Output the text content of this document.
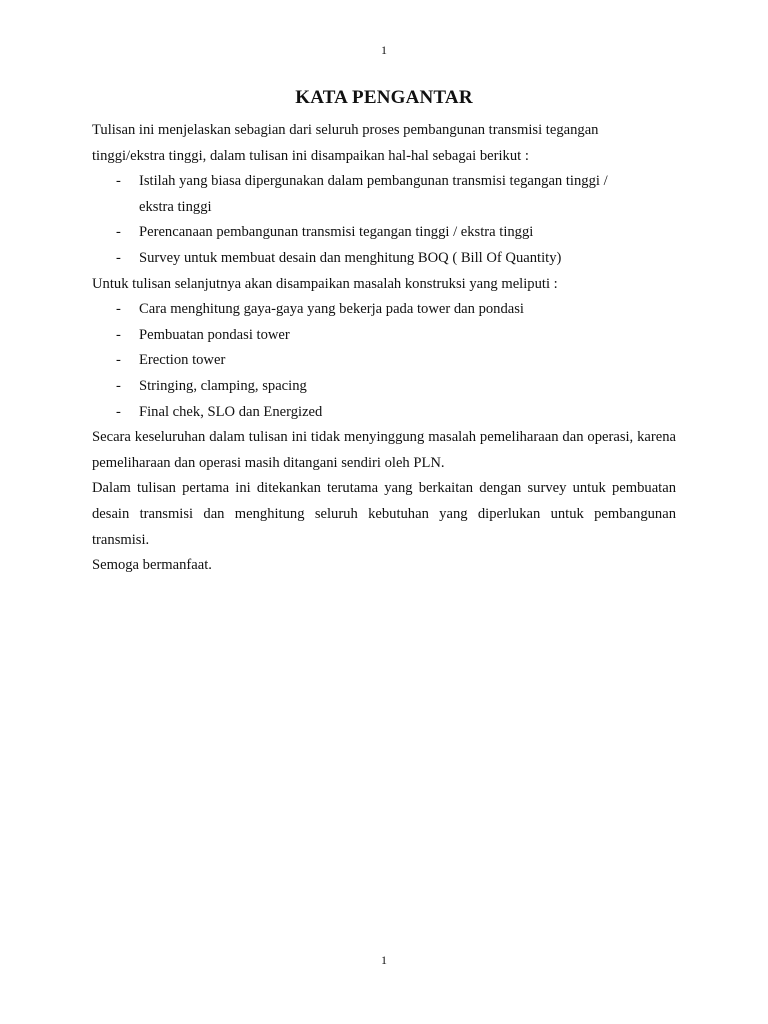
1
KATA PENGANTAR

Tulisan ini menjelaskan sebagian dari seluruh proses pembangunan transmisi tegangan tinggi/ekstra tinggi, dalam tulisan ini disampaikan hal-hal sebagai berikut :

- Istilah yang biasa dipergunakan dalam pembangunan transmisi tegangan tinggi / ekstra tinggi
- Perencanaan pembangunan transmisi tegangan tinggi / ekstra tinggi
- Survey untuk membuat desain dan menghitung BOQ ( Bill Of Quantity)

Untuk tulisan selanjutnya akan disampaikan masalah konstruksi yang meliputi :

- Cara menghitung gaya-gaya yang bekerja pada tower dan pondasi
- Pembuatan pondasi tower
- Erection tower
- Stringing, clamping, spacing
- Final chek, SLO dan Energized

Secara keseluruhan dalam tulisan ini tidak menyinggung masalah pemeliharaan dan operasi, karena pemeliharaan dan operasi masih ditangani sendiri oleh PLN.

Dalam tulisan pertama ini ditekankan terutama yang berkaitan dengan survey untuk pembuatan desain transmisi dan menghitung seluruh kebutuhan yang diperlukan untuk pembangunan transmisi.

Semoga bermanfaat.

1
